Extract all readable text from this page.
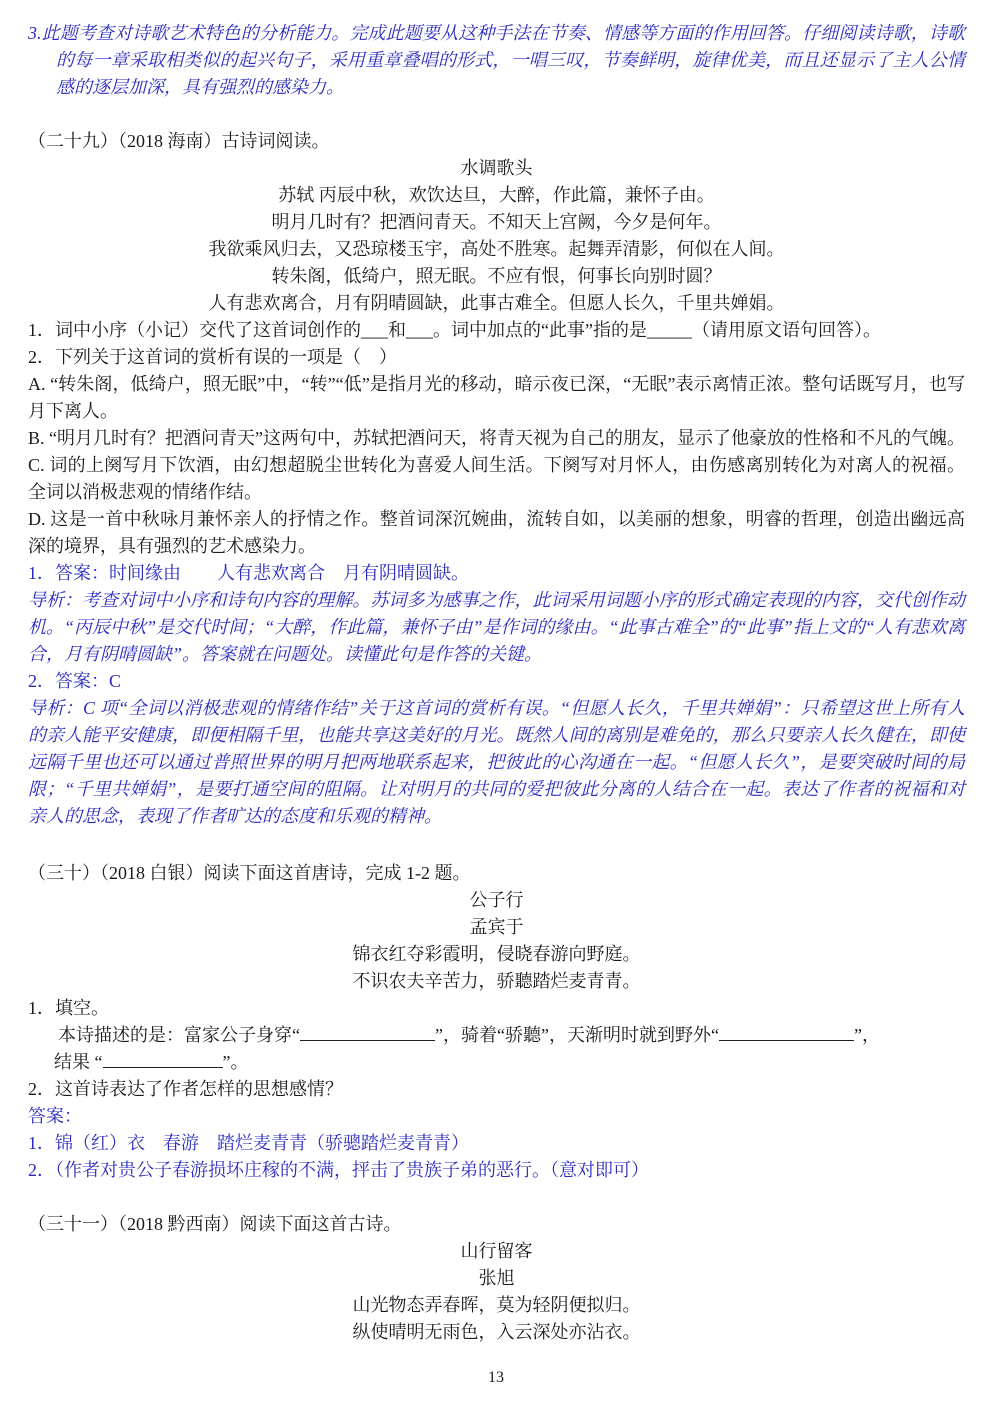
3.此题考查对诗歌艺术特色的分析能力。完成此题要从这种手法在节奏、情感等方面的作用回答。仔细阅读诗歌，诗歌的每一章采取相类似的起兴句子，采用重章叠唱的形式，一唱三叹，节奏鲜明，旋律优美，而且还显示了主人公情感的逐层加深，具有强烈的感染力。
（二十九）（2018 海南）古诗词阅读。
水调歌头
苏轼 丙辰中秋，欢饮达旦，大醉，作此篇，兼怀子由。
明月几时有？把酒问青天。不知天上宫阙，今夕是何年。
我欲乘风归去，又恐琼楼玉宇，高处不胜寒。起舞弄清影，何似在人间。
转朱阁，低绮户，照无眠。不应有恨，何事长向别时圆？
人有悲欢离合，月有阴晴圆缺，此事古难全。但愿人长久，千里共婵娟。
1．词中小序（小记）交代了这首词创作的___和___。词中加点的“此事”指的是_____（请用原文语句回答）。
2．下列关于这首词的赏析有误的一项是（　）
A. “转朱阁，低绮户，照无眠”中，“转”“低”是指月光的移动，暗示夜已深，“无眠”表示离情正浓。整句话既写月，也写月下离人。
B. “明月几时有？把酒问青天”这两句中，苏轼把酒问天，将青天视为自己的朋友，显示了他豪放的性格和不凡的气魄。
C. 词的上阕写月下饮酒，由幻想超脱尘世转化为喜爱人间生活。下阕写对月怀人，由伤感离别转化为对离人的祝福。全词以消极悲观的情绪作结。
D. 这是一首中秋咏月兼怀亲人的抒情之作。整首词深沉婉曲，流转自如，以美丽的想象，明睿的哲理，创造出幽远高深的境界，具有强烈的艺术感染力。
1．答案：时间缘由　　人有悲欢离合　月有阴晴圆缺。
导析：考查对词中小序和诗句内容的理解。苏词多为感事之作，此词采用词题小序的形式确定表现的内容，交代创作动机。“丙辰中秋”是交代时间；“大醉，作此篇，兼怀子由”是作词的缘由。“此事古难全”的“此事”指上文的“人有悲欢离合，月有阴晴圆缺”。答案就在问题处。读懂此句是作答的关键。
2．答案：C
导析：C 项“全词以消极悲观的情绪作结”关于这首词的赏析有误。“但愿人长久，千里共婵娟”：只希望这世上所有人的亲人能平安健康，即便相隔千里，也能共享这美好的月光。既然人间的离别是难免的，那么只要亲人长久健在，即使远隔千里也还可以通过普照世界的明月把两地联系起来，把彼此的心沟通在一起。“但愿人长久”，是要突破时间的局限；“千里共婵娟”，是要打通空间的阻隔。让对明月的共同的爱把彼此分离的人结合在一起。表达了作者的祝福和对亲人的思念，表现了作者旷达的态度和乐观的精神。
（三十）（2018 白银）阅读下面这首唐诗，完成 1-2 题。
公子行
孟宾于
锦衣红夺彩霞明，侵晓春游向野庭。
不识农夫辛苦力，骄聽踏烂麦青青。
1．填空。
本诗描述的是：富家公子身穿“	”，骑着“骄聽”，天渐明时就到野外“	”，
结果 “	”。
2．这首诗表达了作者怎样的思想感情？
答案：
1．锦（红）衣　春游　踏烂麦青青（骄骢踏烂麦青青）
2．（作者对贵公子春游损坏庄稼的不满，抨击了贵族子弟的恶行。（意对即可）
（三十一）（2018 黔西南）阅读下面这首古诗。
山行留客
张旭
山光物态弄春晖，莫为轻阴便拟归。
纵使晴明无雨色，入云深处亦沾衣。
13
